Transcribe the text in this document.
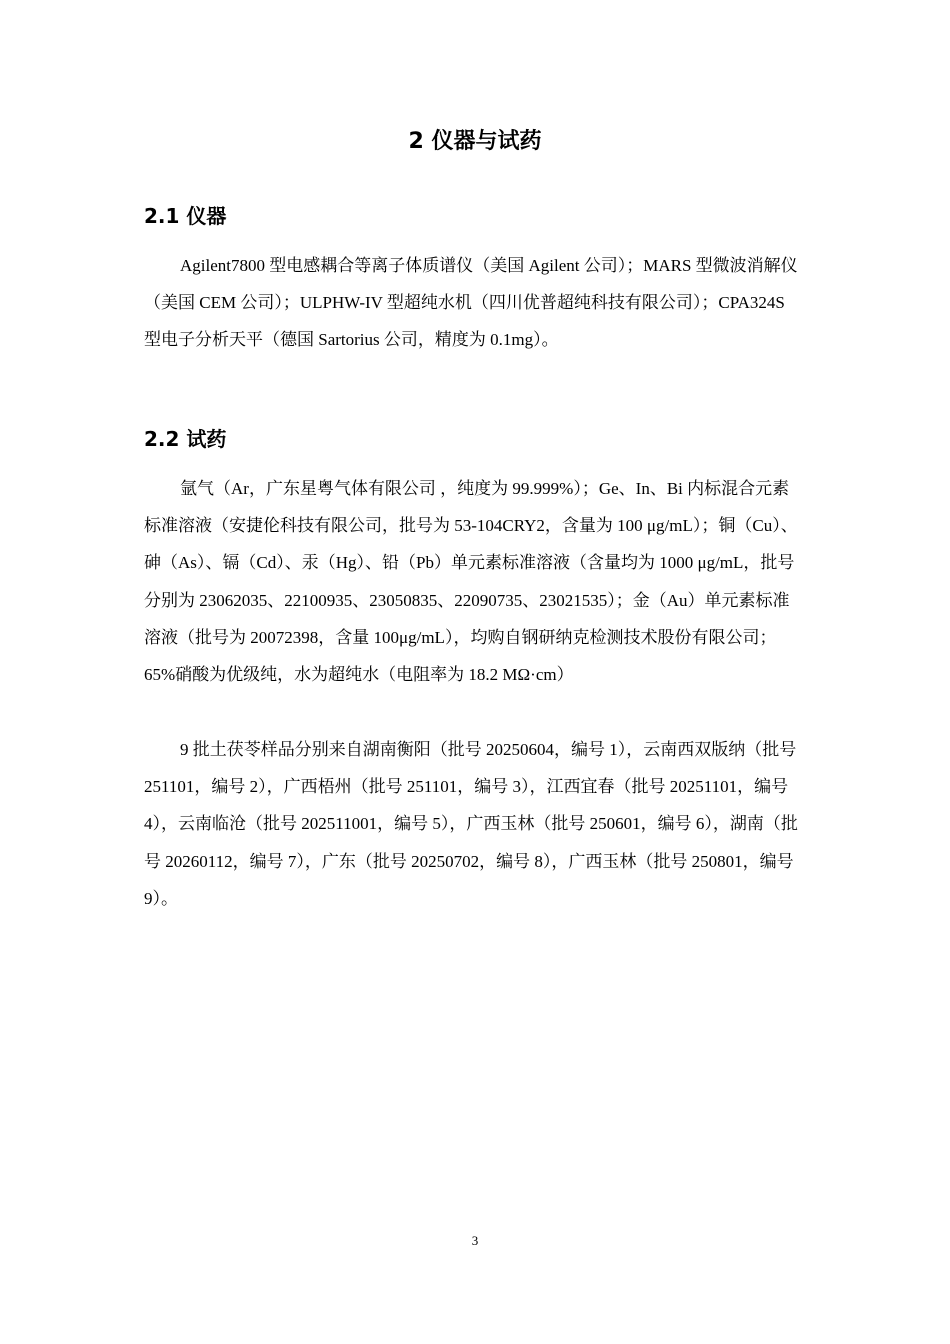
2 仪器与试药
2.1 仪器

Agilent7800 型电感耦合等离子体质谱仪（美国 Agilent 公司）；MARS 型微波消解仪（美国 CEM 公司）；ULPHW-IV 型超纯水机（四川优普超纯科技有限公司）；CPA324S 型电子分析天平（德国 Sartorius 公司，精度为 0.1mg）。

2.2 试药

氩气（Ar，广东星粤气体有限公司 ，纯度为 99.999%）；Ge、In、Bi 内标混合元素标准溶液（安捷伦科技有限公司，批号为 53-104CRY2，含量为 100 μg/mL）；铜（Cu）、砷（As）、镉（Cd）、汞（Hg）、铅（Pb）单元素标准溶液（含量均为 1000 μg/mL，批号分别为 23062035、22100935、23050835、22090735、23021535）；金（Au）单元素标准溶液（批号为 20072398，含量 100μg/mL），均购自钢研纳克检测技术股份有限公司；65%硝酸为优级纯，水为超纯水（电阻率为 18.2 MΩ·cm）

9 批土茯苓样品分别来自湖南衡阳（批号 20250604，编号 1），云南西双版纳（批号 251101，编号 2），广西梧州（批号 251101，编号 3），江西宜春（批号 20251101，编号 4），云南临沧（批号 202511001，编号 5），广西玉林（批号 250601，编号 6），湖南（批号 20260112，编号 7），广东（批号 20250702，编号 8），广西玉林（批号 250801，编号 9）。

3
